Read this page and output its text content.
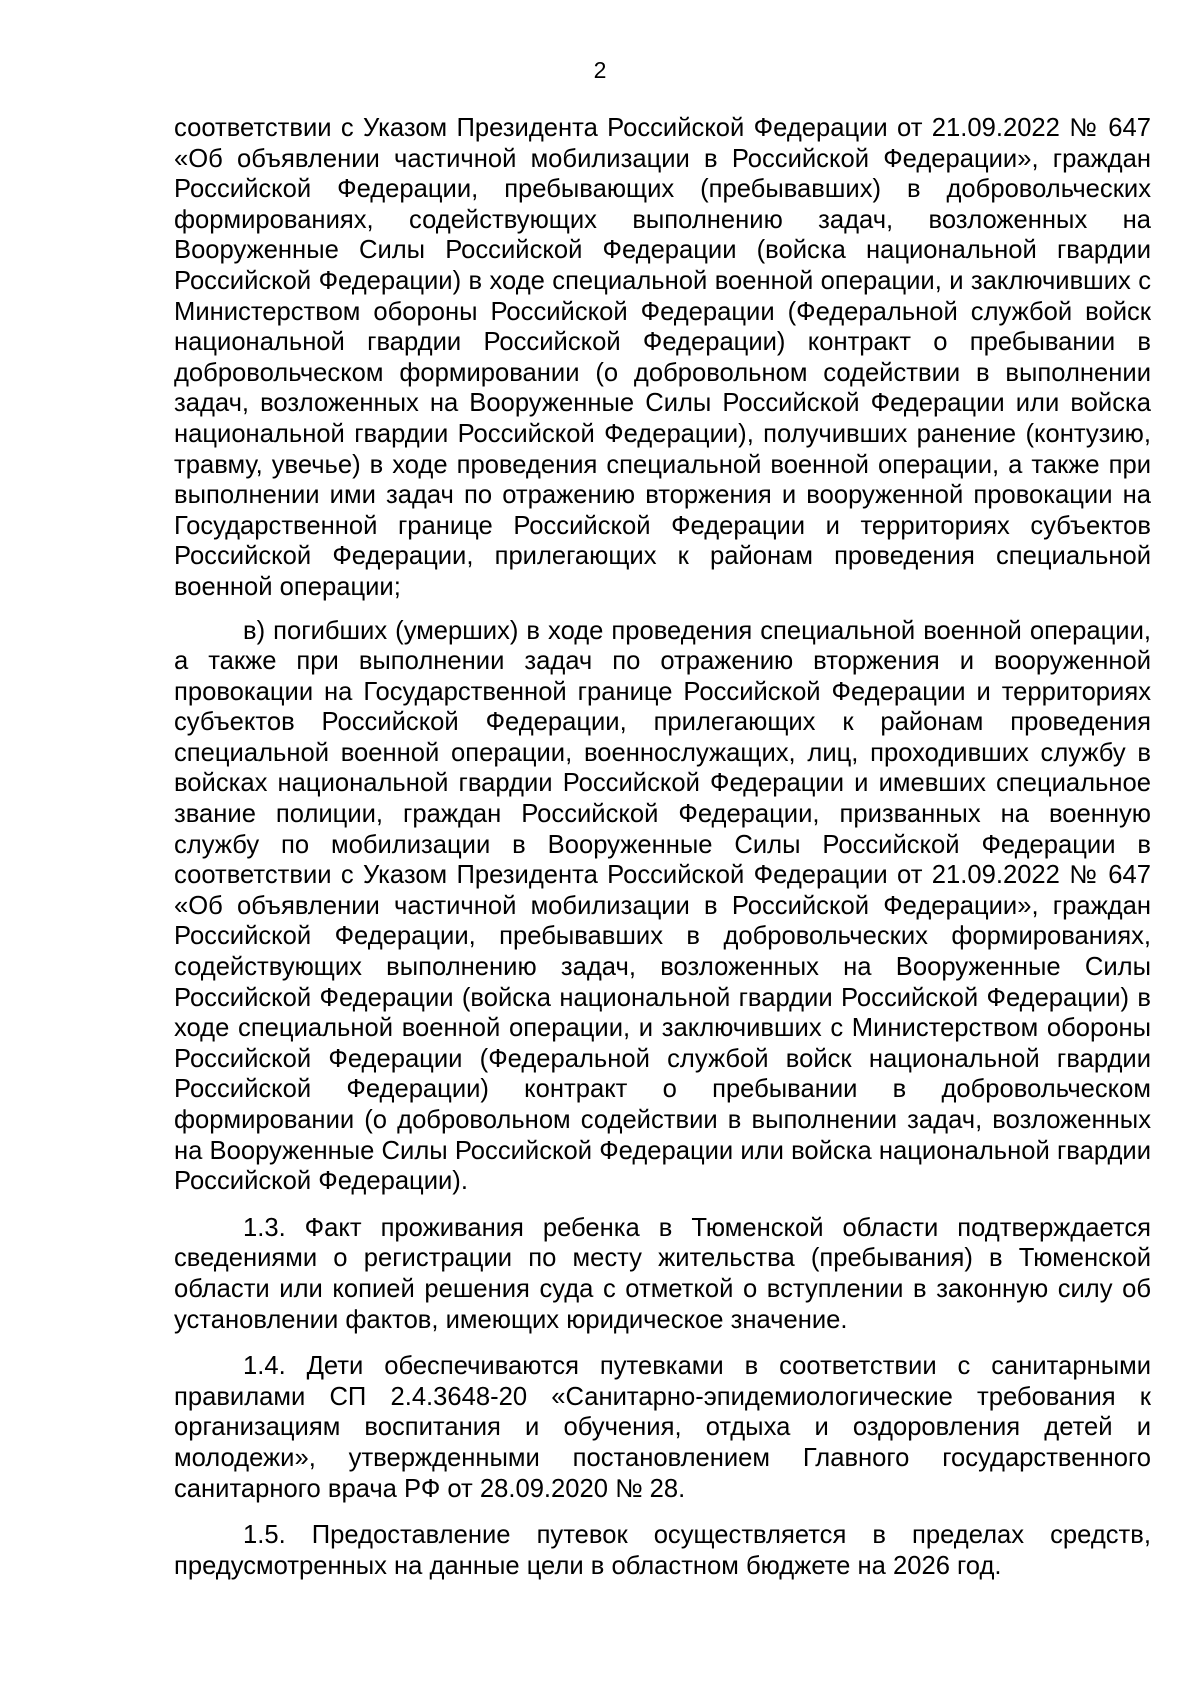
2

соответствии с Указом Президента Российской Федерации от 21.09.2022 № 647 «Об объявлении частичной мобилизации в Российской Федерации», граждан Российской Федерации, пребывающих (пребывавших) в добровольческих формированиях, содействующих выполнению задач, возложенных на Вооруженные Силы Российской Федерации (войска национальной гвардии Российской Федерации) в ходе специальной военной операции, и заключивших с Министерством обороны Российской Федерации (Федеральной службой войск национальной гвардии Российской Федерации) контракт о пребывании в добровольческом формировании (о добровольном содействии в выполнении задач, возложенных на Вооруженные Силы Российской Федерации или войска национальной гвардии Российской Федерации), получивших ранение (контузию, травму, увечье) в ходе проведения специальной военной операции, а также при выполнении ими задач по отражению вторжения и вооруженной провокации на Государственной границе Российской Федерации и территориях субъектов Российской Федерации, прилегающих к районам проведения специальной военной операции;

в) погибших (умерших) в ходе проведения специальной военной операции, а также при выполнении задач по отражению вторжения и вооруженной провокации на Государственной границе Российской Федерации и территориях субъектов Российской Федерации, прилегающих к районам проведения специальной военной операции, военнослужащих, лиц, проходивших службу в войсках национальной гвардии Российской Федерации и имевших специальное звание полиции, граждан Российской Федерации, призванных на военную службу по мобилизации в Вооруженные Силы Российской Федерации в соответствии с Указом Президента Российской Федерации от 21.09.2022 № 647 «Об объявлении частичной мобилизации в Российской Федерации», граждан Российской Федерации, пребывавших в добровольческих формированиях, содействующих выполнению задач, возложенных на Вооруженные Силы Российской Федерации (войска национальной гвардии Российской Федерации) в ходе специальной военной операции, и заключивших с Министерством обороны Российской Федерации (Федеральной службой войск национальной гвардии Российской Федерации) контракт о пребывании в добровольческом формировании (о добровольном содействии в выполнении задач, возложенных на Вооруженные Силы Российской Федерации или войска национальной гвардии Российской Федерации).

1.3. Факт проживания ребенка в Тюменской области подтверждается сведениями о регистрации по месту жительства (пребывания) в Тюменской области или копией решения суда с отметкой о вступлении в законную силу об установлении фактов, имеющих юридическое значение.

1.4. Дети обеспечиваются путевками в соответствии с санитарными правилами СП 2.4.3648-20 «Санитарно-эпидемиологические требования к организациям воспитания и обучения, отдыха и оздоровления детей и молодежи», утвержденными постановлением Главного государственного санитарного врача РФ от 28.09.2020 № 28.

1.5. Предоставление путевок осуществляется в пределах средств, предусмотренных на данные цели в областном бюджете на 2026 год.
